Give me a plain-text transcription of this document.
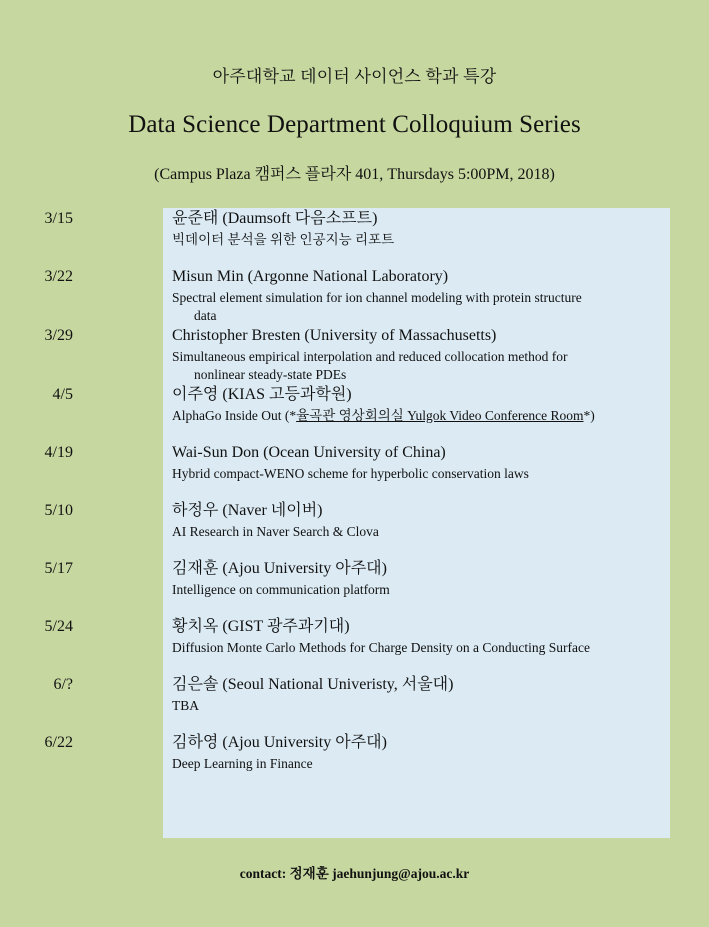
아주대학교 데이터 사이언스 학과 특강
Data Science Department Colloquium Series
(Campus Plaza 캠퍼스 플라자 401, Thursdays 5:00PM, 2018)
3/15	윤준태 (Daumsoft 다음소프트)
빅데이터 분석을 위한 인공지능 리포트
3/22	Misun Min (Argonne National Laboratory)
Spectral element simulation for ion channel modeling with protein structure
data
3/29	Christopher Bresten (University of Massachusetts)
Simultaneous empirical interpolation and reduced collocation method for
nonlinear steady-state PDEs
4/5	이주영 (KIAS 고등과학원)
AlphaGo Inside Out (*율곡관 영상회의실 Yulgok Video Conference Room*)
4/19	Wai-Sun Don (Ocean University of China)
Hybrid compact-WENO scheme for hyperbolic conservation laws
5/10	하정우 (Naver 네이버)
AI Research in Naver Search & Clova
5/17	김재훈 (Ajou University 아주대)
Intelligence on communication platform
5/24	황치옥 (GIST 광주과기대)
Diffusion Monte Carlo Methods for Charge Density on a Conducting Surface
6/?	김은솔 (Seoul National Univeristy, 서울대)
TBA
6/22	김하영 (Ajou University 아주대)
Deep Learning in Finance
contact: 정재훈 jaehunjung@ajou.ac.kr
